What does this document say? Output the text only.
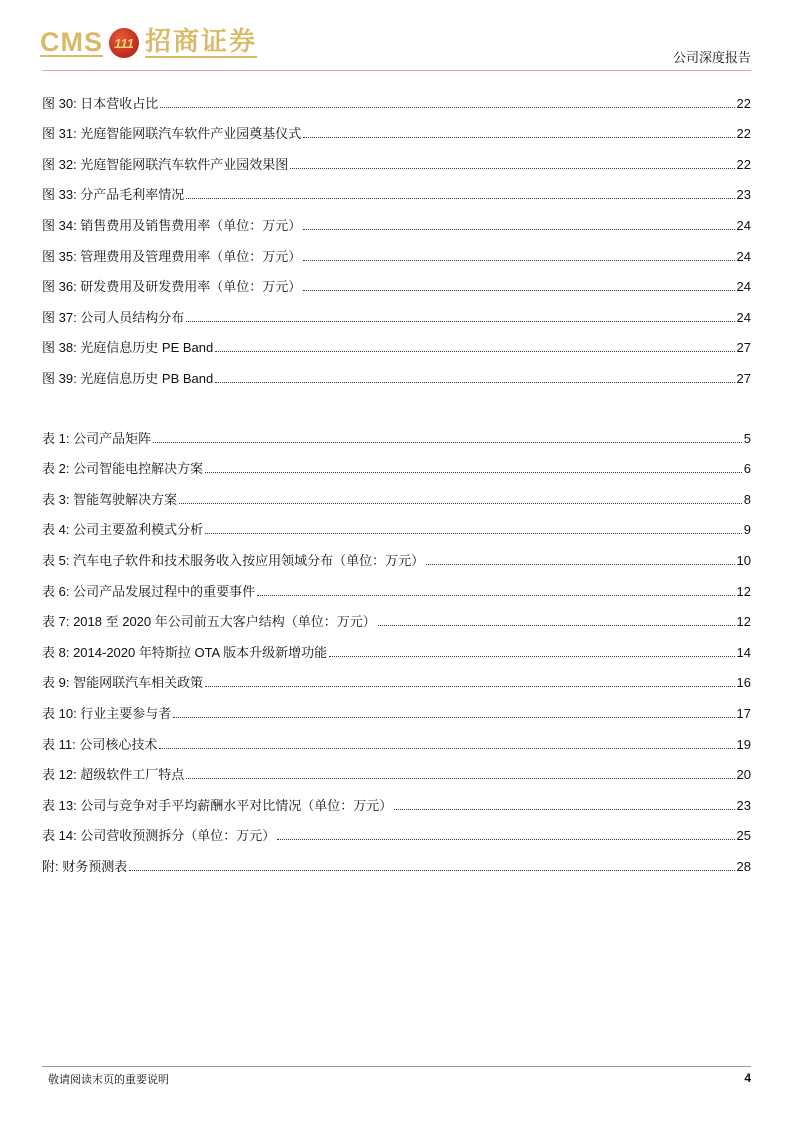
CMS 111 招商证券
公司深度报告
图 30: 日本营收占比	22
图 31: 光庭智能网联汽车软件产业园奠基仪式	22
图 32: 光庭智能网联汽车软件产业园效果图	22
图 33: 分产品毛利率情况	23
图 34: 销售费用及销售费用率（单位：万元）	24
图 35: 管理费用及管理费用率（单位：万元）	24
图 36: 研发费用及研发费用率（单位：万元）	24
图 37: 公司人员结构分布	24
图 38: 光庭信息历史 PE Band	27
图 39: 光庭信息历史 PB Band	27
表 1: 公司产品矩阵	5
表 2: 公司智能电控解决方案	6
表 3: 智能驾驶解决方案	8
表 4: 公司主要盈利模式分析	9
表 5: 汽车电子软件和技术服务收入按应用领域分布（单位：万元）	10
表 6: 公司产品发展过程中的重要事件	12
表 7: 2018 至 2020 年公司前五大客户结构（单位：万元）	12
表 8: 2014-2020 年特斯拉 OTA 版本升级新增功能	14
表 9: 智能网联汽车相关政策	16
表 10: 行业主要参与者	17
表 11: 公司核心技术	19
表 12: 超级软件工厂特点	20
表 13: 公司与竞争对手平均薪酬水平对比情况（单位：万元）	23
表 14: 公司营收预测拆分（单位：万元）	25
附: 财务预测表	28
敬请阅读末页的重要说明	4
